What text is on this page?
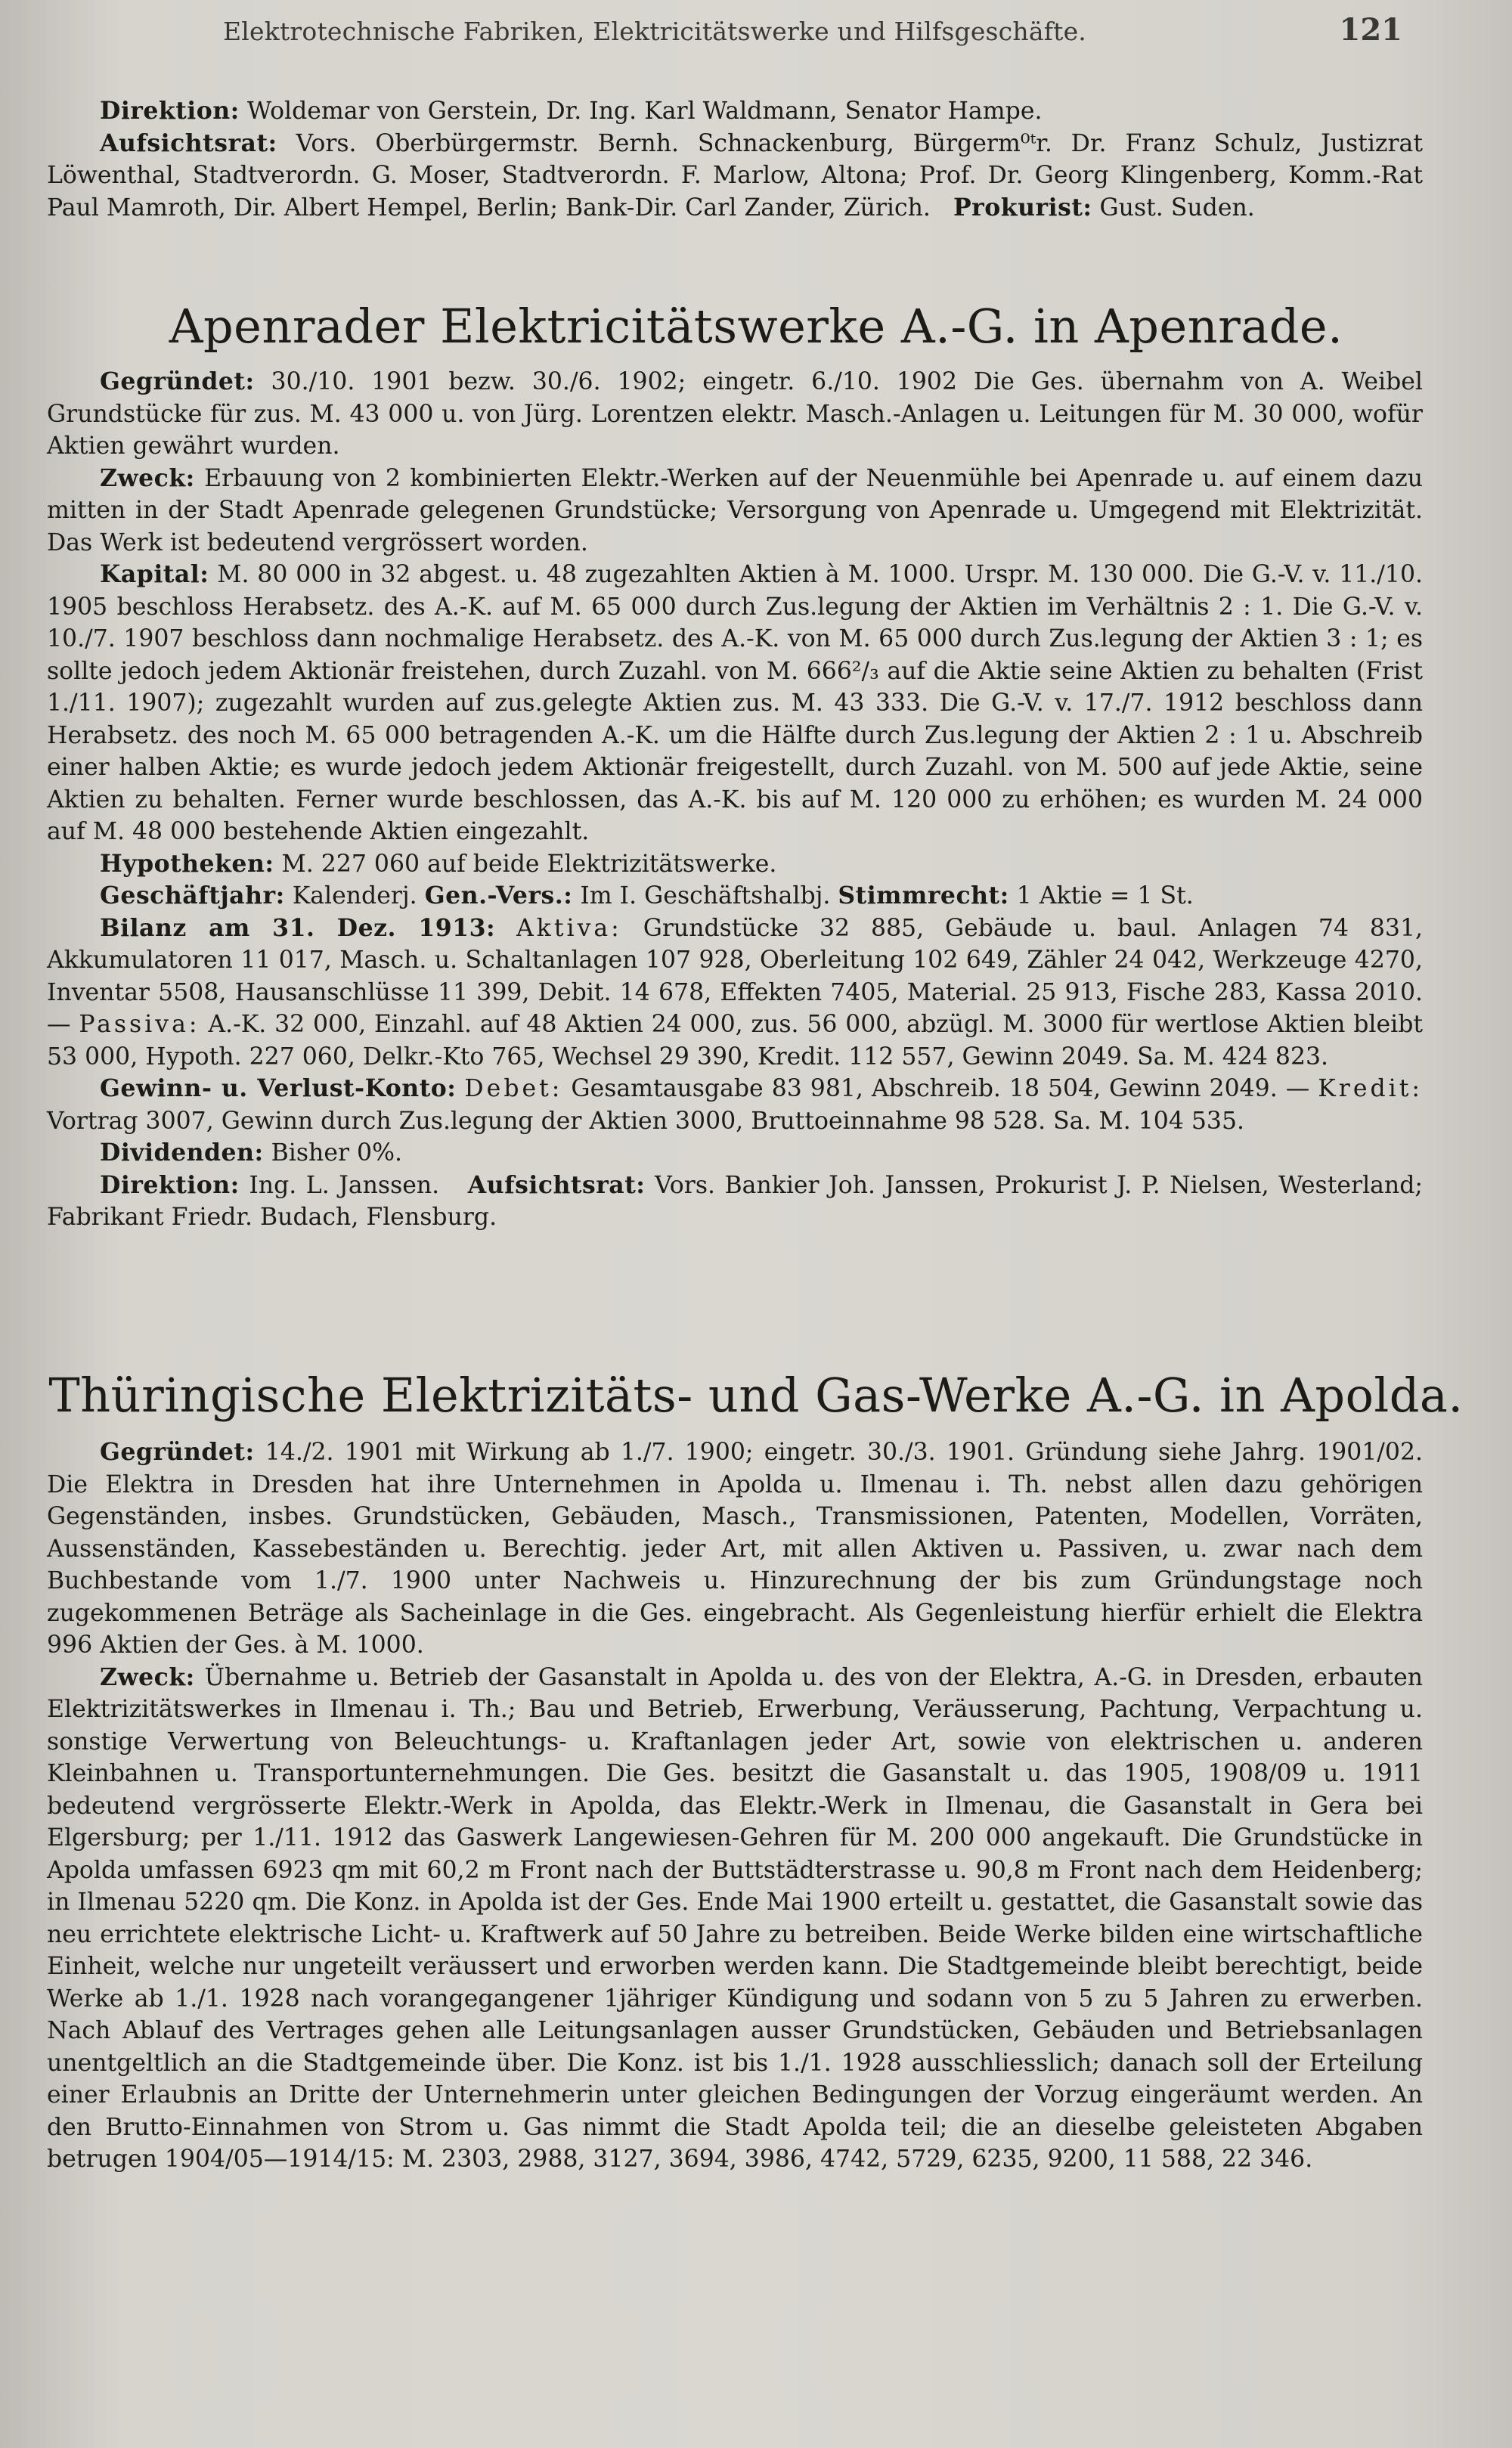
Elektrotechnische Fabriken, Elektricitätswerke und Hilfsgeschäfte.	121

Direktion: Woldemar von Gerstein, Dr. Ing. Karl Waldmann, Senator Hampe.

Aufsichtsrat: Vors. Oberbürgermstr. Bernh. Schnackenburg, Bürgerm⁰ᵗr. Dr. Franz Schulz, Justizrat Löwenthal, Stadtverordn. G. Moser, Stadtverordn. F. Marlow, Altona; Prof. Dr. Georg Klingenberg, Komm.-Rat Paul Mamroth, Dir. Albert Hempel, Berlin; Bank-Dir. Carl Zander, Zürich. Prokurist: Gust. Suden.

Apenrader Elektricitätswerke A.-G. in Apenrade.

Gegründet: 30./10. 1901 bezw. 30./6. 1902; eingetr. 6./10. 1902 Die Ges. übernahm von A. Weibel Grundstücke für zus. M. 43 000 u. von Jürg. Lorentzen elektr. Masch.-Anlagen u. Leitungen für M. 30 000, wofür Aktien gewährt wurden.

Zweck: Erbauung von 2 kombinierten Elektr.-Werken auf der Neuenmühle bei Apenrade u. auf einem dazu mitten in der Stadt Apenrade gelegenen Grundstücke; Versorgung von Apenrade u. Umgegend mit Elektrizität. Das Werk ist bedeutend vergrössert worden.

Kapital: M. 80 000 in 32 abgest. u. 48 zugezahlten Aktien à M. 1000. Urspr. M. 130 000. Die G.-V. v. 11./10. 1905 beschloss Herabsetz. des A.-K. auf M. 65 000 durch Zus.legung der Aktien im Verhältnis 2 : 1. Die G.-V. v. 10./7. 1907 beschloss dann nochmalige Herabsetz. des A.-K. von M. 65 000 durch Zus.legung der Aktien 3 : 1; es sollte jedoch jedem Aktionär freistehen, durch Zuzahl. von M. 666²/₃ auf die Aktie seine Aktien zu behalten (Frist 1./11. 1907); zugezahlt wurden auf zus.gelegte Aktien zus. M. 43 333. Die G.-V. v. 17./7. 1912 beschloss dann Herabsetz. des noch M. 65 000 betragenden A.-K. um die Hälfte durch Zus.legung der Aktien 2 : 1 u. Abschreib einer halben Aktie; es wurde jedoch jedem Aktionär freigestellt, durch Zuzahl. von M. 500 auf jede Aktie, seine Aktien zu behalten. Ferner wurde beschlossen, das A.-K. bis auf M. 120 000 zu erhöhen; es wurden M. 24 000 auf M. 48 000 bestehende Aktien eingezahlt.

Hypotheken: M. 227 060 auf beide Elektrizitätswerke.

Geschäftjahr: Kalenderj. Gen.-Vers.: Im I. Geschäftshalbj. Stimmrecht: 1 Aktie = 1 St.

Bilanz am 31. Dez. 1913: Aktiva: Grundstücke 32 885, Gebäude u. baul. Anlagen 74 831, Akkumulatoren 11 017, Masch. u. Schaltanlagen 107 928, Oberleitung 102 649, Zähler 24 042, Werkzeuge 4270, Inventar 5508, Hausanschlüsse 11 399, Debit. 14 678, Effekten 7405, Material. 25 913, Fische 283, Kassa 2010. — Passiva: A.-K. 32 000, Einzahl. auf 48 Aktien 24 000, zus. 56 000, abzügl. M. 3000 für wertlose Aktien bleibt 53 000, Hypoth. 227 060, Delkr.-Kto 765, Wechsel 29 390, Kredit. 112 557, Gewinn 2049. Sa. M. 424 823.

Gewinn- u. Verlust-Konto: Debet: Gesamtausgabe 83 981, Abschreib. 18 504, Gewinn 2049. — Kredit: Vortrag 3007, Gewinn durch Zus.legung der Aktien 3000, Bruttoeinnahme 98 528. Sa. M. 104 535.

Dividenden: Bisher 0%.

Direktion: Ing. L. Janssen. Aufsichtsrat: Vors. Bankier Joh. Janssen, Prokurist J. P. Nielsen, Westerland; Fabrikant Friedr. Budach, Flensburg.

Thüringische Elektrizitäts- und Gas-Werke A.-G. in Apolda.

Gegründet: 14./2. 1901 mit Wirkung ab 1./7. 1900; eingetr. 30./3. 1901. Gründung siehe Jahrg. 1901/02. Die Elektra in Dresden hat ihre Unternehmen in Apolda u. Ilmenau i. Th. nebst allen dazu gehörigen Gegenständen, insbes. Grundstücken, Gebäuden, Masch., Transmissionen, Patenten, Modellen, Vorräten, Aussenständen, Kassebeständen u. Berechtig. jeder Art, mit allen Aktiven u. Passiven, u. zwar nach dem Buchbestande vom 1./7. 1900 unter Nachweis u. Hinzurechnung der bis zum Gründungstage noch zugekommenen Beträge als Sacheinlage in die Ges. eingebracht. Als Gegenleistung hierfür erhielt die Elektra 996 Aktien der Ges. à M. 1000.

Zweck: Übernahme u. Betrieb der Gasanstalt in Apolda u. des von der Elektra, A.-G. in Dresden, erbauten Elektrizitätswerkes in Ilmenau i. Th.; Bau und Betrieb, Erwerbung, Veräusserung, Pachtung, Verpachtung u. sonstige Verwertung von Beleuchtungs- u. Kraftanlagen jeder Art, sowie von elektrischen u. anderen Kleinbahnen u. Transportunternehmungen. Die Ges. besitzt die Gasanstalt u. das 1905, 1908/09 u. 1911 bedeutend vergrösserte Elektr.-Werk in Apolda, das Elektr.-Werk in Ilmenau, die Gasanstalt in Gera bei Elgersburg; per 1./11. 1912 das Gaswerk Langewiesen-Gehren für M. 200 000 angekauft. Die Grundstücke in Apolda umfassen 6923 qm mit 60,2 m Front nach der Buttstädterstrasse u. 90,8 m Front nach dem Heidenberg; in Ilmenau 5220 qm. Die Konz. in Apolda ist der Ges. Ende Mai 1900 erteilt u. gestattet, die Gasanstalt sowie das neu errichtete elektrische Licht- u. Kraftwerk auf 50 Jahre zu betreiben. Beide Werke bilden eine wirtschaftliche Einheit, welche nur ungeteilt veräussert und erworben werden kann. Die Stadtgemeinde bleibt berechtigt, beide Werke ab 1./1. 1928 nach vorangegangener 1jähriger Kündigung und sodann von 5 zu 5 Jahren zu erwerben. Nach Ablauf des Vertrages gehen alle Leitungsanlagen ausser Grundstücken, Gebäuden und Betriebsanlagen unentgeltlich an die Stadtgemeinde über. Die Konz. ist bis 1./1. 1928 ausschliesslich; danach soll der Erteilung einer Erlaubnis an Dritte der Unternehmerin unter gleichen Bedingungen der Vorzug eingeräumt werden. An den Brutto-Einnahmen von Strom u. Gas nimmt die Stadt Apolda teil; die an dieselbe geleisteten Abgaben betrugen 1904/05—1914/15: M. 2303, 2988, 3127, 3694, 3986, 4742, 5729, 6235, 9200, 11 588, 22 346.
